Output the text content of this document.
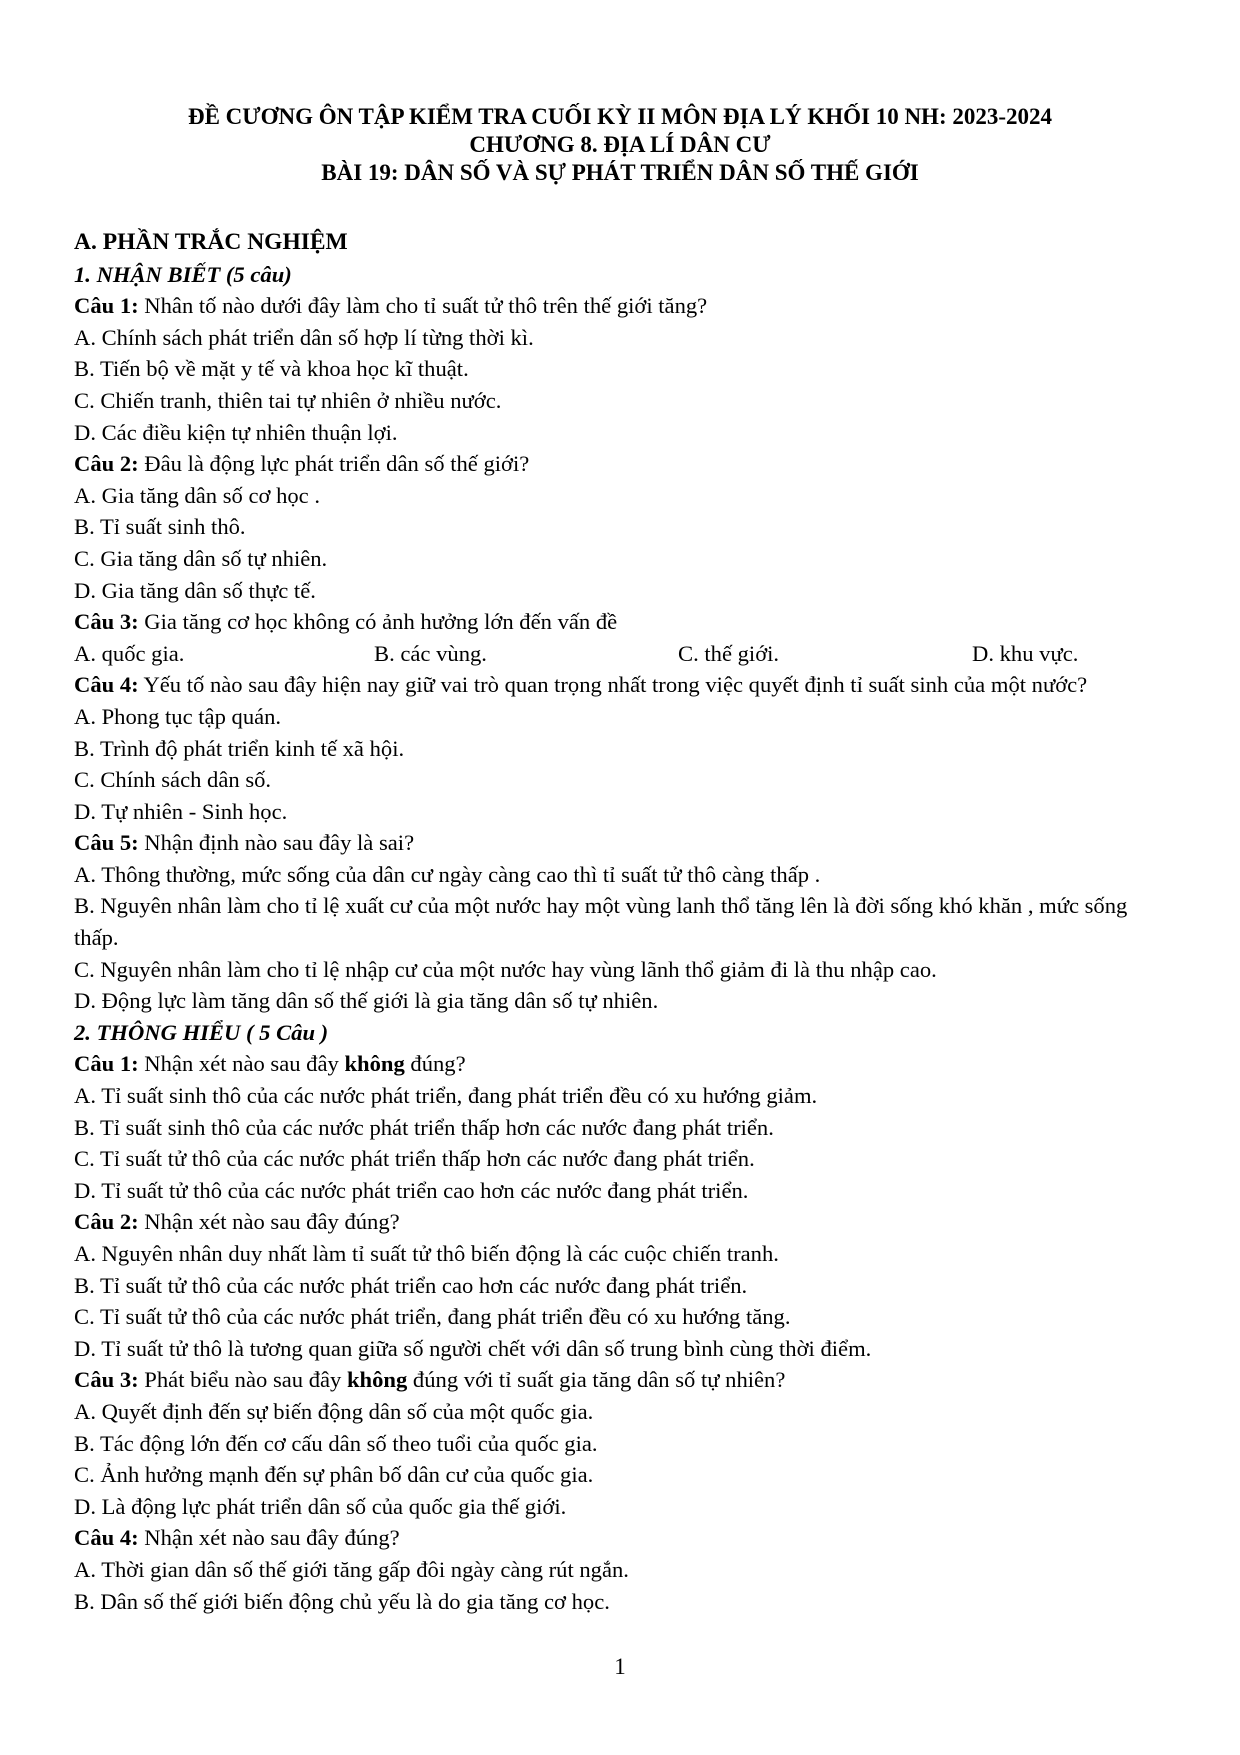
ĐỀ CƯƠNG ÔN TẬP KIỂM TRA CUỐI KỲ II MÔN ĐỊA LÝ KHỐI 10 NH: 2023-2024
CHƯƠNG 8. ĐỊA LÍ DÂN CƯ
BÀI 19: DÂN SỐ VÀ SỰ PHÁT TRIỂN DÂN SỐ THẾ GIỚI
A. PHẦN TRẮC NGHIỆM
1. NHẬN BIẾT (5 câu)
Câu 1: Nhân tố nào dưới đây làm cho tỉ suất tử thô trên thế giới tăng?
A. Chính sách phát triển dân số hợp lí từng thời kì.
B. Tiến bộ về mặt y tế và khoa học kĩ thuật.
C. Chiến tranh, thiên tai tự nhiên ở nhiều nước.
D. Các điều kiện tự nhiên thuận lợi.
Câu 2: Đâu là động lực phát triển dân số thế giới?
A. Gia tăng dân số cơ học .
B. Tỉ suất sinh thô.
C. Gia tăng dân số tự nhiên.
D. Gia tăng dân số thực tế.
Câu 3: Gia tăng cơ học không có ảnh hưởng lớn đến vấn đề
A. quốc gia.	B. các vùng.	C. thế giới.	D. khu vực.
Câu 4: Yếu tố nào sau đây hiện nay giữ vai trò quan trọng nhất trong việc quyết định tỉ suất sinh của một nước?
A. Phong tục tập quán.
B. Trình độ phát triển kinh tế xã hội.
C. Chính sách dân số.
D. Tự nhiên - Sinh học.
Câu 5: Nhận định nào sau đây là sai?
A. Thông thường, mức sống của dân cư ngày càng cao thì tỉ suất tử thô càng thấp .
B. Nguyên nhân làm cho tỉ lệ xuất cư của một nước hay một vùng lanh thổ tăng lên là đời sống khó khăn , mức sống thấp.
C. Nguyên nhân làm cho tỉ lệ nhập cư của một nước hay vùng lãnh thổ giảm đi là thu nhập cao.
D. Động lực làm tăng dân số thế giới là gia tăng dân số tự nhiên.
2. THÔNG HIỂU ( 5 Câu )
Câu 1: Nhận xét nào sau đây không đúng?
A. Tỉ suất sinh thô của các nước phát triển, đang phát triển đều có xu hướng giảm.
B. Tỉ suất sinh thô của các nước phát triển thấp hơn các nước đang phát triển.
C. Tỉ suất tử thô của các nước phát triển thấp hơn các nước đang phát triển.
D. Tỉ suất tử thô của các nước phát triển cao hơn các nước đang phát triển.
Câu 2: Nhận xét nào sau đây đúng?
A. Nguyên nhân duy nhất làm tỉ suất tử thô biến động là các cuộc chiến tranh.
B. Tỉ suất tử thô của các nước phát triển cao hơn các nước đang phát triển.
C. Tỉ suất tử thô của các nước phát triển, đang phát triển đều có xu hướng tăng.
D. Tỉ suất tử thô là tương quan giữa số người chết với dân số trung bình cùng thời điểm.
Câu 3: Phát biểu nào sau đây không đúng với tỉ suất gia tăng dân số tự nhiên?
A. Quyết định đến sự biến động dân số của một quốc gia.
B. Tác động lớn đến cơ cấu dân số theo tuổi của quốc gia.
C. Ảnh hưởng mạnh đến sự phân bố dân cư của quốc gia.
D. Là động lực phát triển dân số của quốc gia thế giới.
Câu 4: Nhận xét nào sau đây đúng?
A. Thời gian dân số thế giới tăng gấp đôi ngày càng rút ngắn.
B. Dân số thế giới biến động chủ yếu là do gia tăng cơ học.
1
